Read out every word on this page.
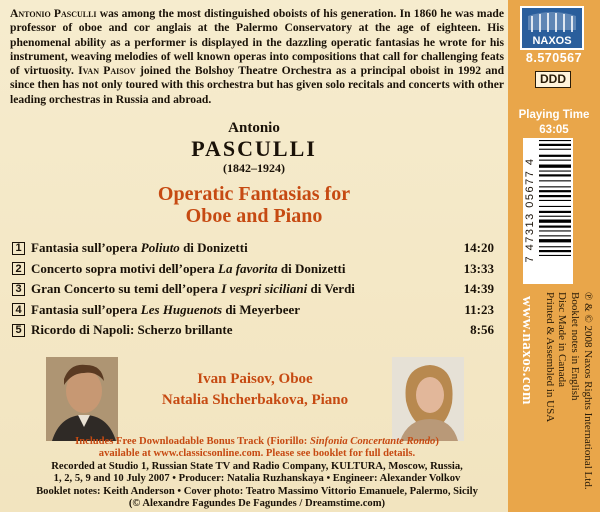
Antonio Pasculli was among the most distinguished oboists of his generation. In 1860 he was made professor of oboe and cor anglais at the Palermo Conservatory at the age of eighteen. His phenomenal ability as a performer is displayed in the dazzling operatic fantasias he wrote for his instrument, weaving melodies of well known operas into compositions that call for challenging feats of virtuosity. Ivan Paisov joined the Bolshoy Theatre Orchestra as a principal oboist in 1992 and since then has not only toured with this orchestra but has given solo recitals and concerts with other leading orchestras in Russia and abroad.
Antonio
PASCULLI
(1842–1924)
Operatic Fantasias for
Oboe and Piano
1 Fantasia sull’opera Poliuto di Donizetti	14:20
2 Concerto sopra motivi dell’opera La favorita di Donizetti	13:33
3 Gran Concerto su temi dell’opera I vespri siciliani di Verdi	14:39
4 Fantasia sull’opera Les Huguenots di Meyerbeer	11:23
5 Ricordo di Napoli: Scherzo brillante	8:56
Ivan Paisov, Oboe
Natalia Shcherbakova, Piano
Includes Free Downloadable Bonus Track (Fiorillo: Sinfonia Concertante Rondo)
available at www.classicsonline.com. Please see booklet for full details.
Recorded at Studio 1, Russian State TV and Radio Company, KULTURA, Moscow, Russia,
1, 2, 5, 9 and 10 July 2007 • Producer: Natalia Ruzhanskaya • Engineer: Alexander Volkov
Booklet notes: Keith Anderson • Cover photo: Teatro Massimo Vittorio Emanuele, Palermo, Sicily
(© Alexandre Fagundes De Fagundes / Dreamstime.com)
NAXOS
8.570567
DDD
Playing Time
63:05
7 47313 05677 4
www.naxos.com	℗ & © 2008 Naxos Rights International Ltd.
Booklet notes in English
Disc Made in Canada
Printed & Assembled in USA
